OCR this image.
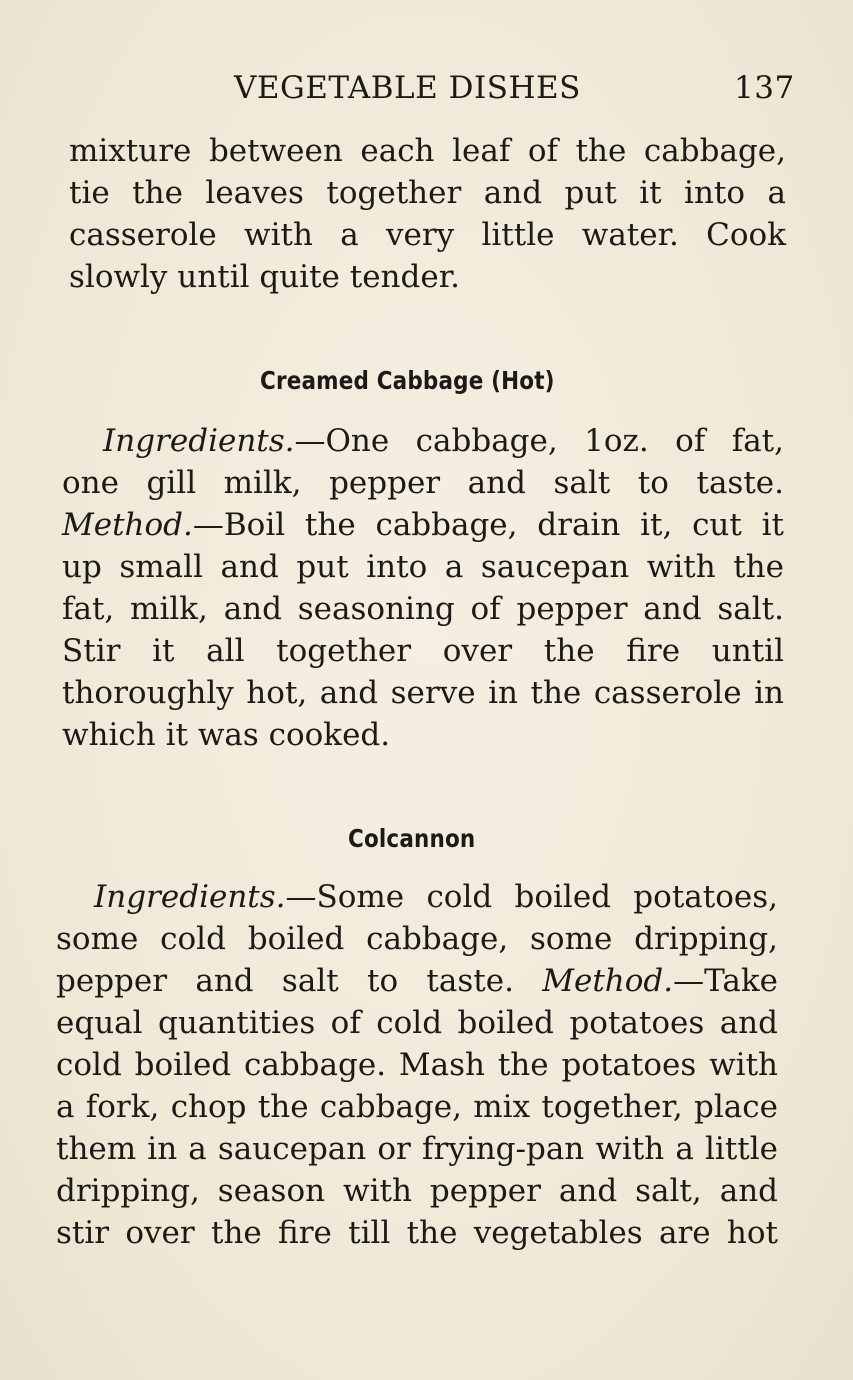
VEGETABLE DISHES	137
mixture between each leaf of the cabbage,
tie the leaves together and put it into a
casserole with a very little water. Cook
slowly until quite tender.
Creamed Cabbage (Hot)
Ingredients.—One cabbage, 1oz. of fat,
one gill milk, pepper and salt to taste.
Method.—Boil the cabbage, drain it, cut it
up small and put into a saucepan with the
fat, milk, and seasoning of pepper and salt.
Stir it all together over the fire until
thoroughly hot, and serve in the casserole in
which it was cooked.
Colcannon
Ingredients.—Some cold boiled potatoes,
some cold boiled cabbage, some dripping,
pepper and salt to taste. Method.—Take
equal quantities of cold boiled potatoes and
cold boiled cabbage. Mash the potatoes with
a fork, chop the cabbage, mix together, place
them in a saucepan or frying-pan with a little
dripping, season with pepper and salt, and
stir over the fire till the vegetables are hot
